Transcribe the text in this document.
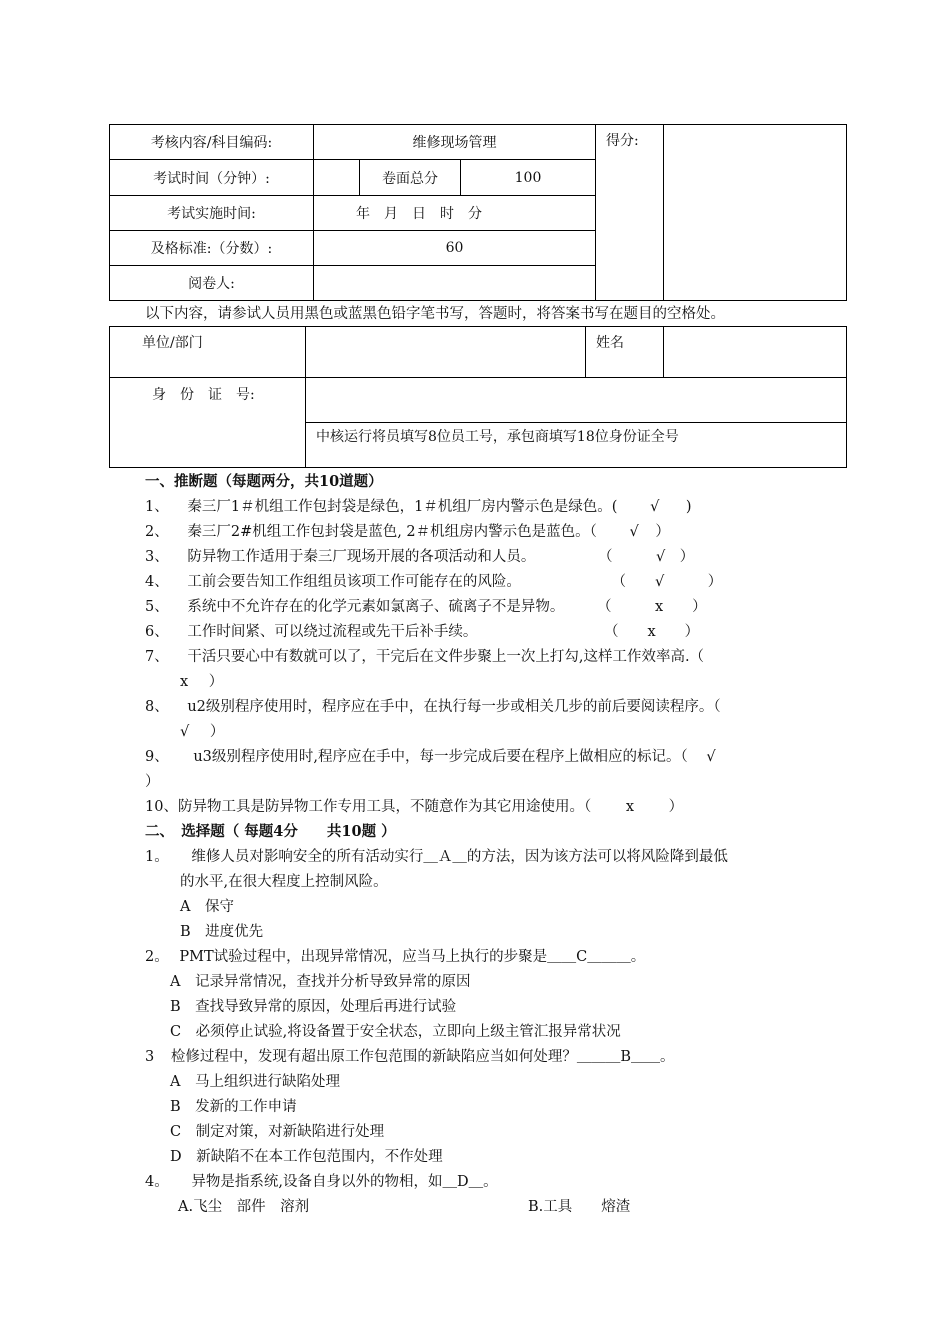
考核内容/科目编码:	维修现场管理			得分:	
考试时间（分钟）:		卷面总分	100		
考试实施时间:	年　月　日　时　分				
及格标准:（分数）:	60				
阅卷人:					
以下内容，请参试人员用黑色或蓝黑色铅字笔书写，答题时，将答案书写在题目的空格处。
单位/部门		姓名	
身　份　证　号:			
	中核运行将员填写8位员工号，承包商填写18位身份证全号		
一、推断题（每题两分，共10道题）
1、 秦三厂1＃机组工作包封袋是绿色，1＃机组厂房内警示色是绿色。( √ )
2、 秦三厂2#机组工作包封袋是蓝色, 2＃机组房内警示色是蓝色。（ √ ）
3、 防异物工作适用于秦三厂现场开展的各项活动和人员。	（　　　√　）
4、 工前会要告知工作组组员该项工作可能存在的风险。	（　　√　　　）
5、 系统中不允许存在的化学元素如氯离子、硫离子不是异物。 （　　　x　　）
6、 工作时间紧、可以绕过流程或先干后补手续。	（　　x　　）
7、 干活只要心中有数就可以了，干完后在文件步聚上一次上打勾,这样工作效率高.（
x ）
8、 u2级别程序使用时，程序应在手中，在执行每一步或相关几步的前后要阅读程序。（
√ ）
9、 u3级别程序使用时,程序应在手中，每一步完成后要在程序上做相应的标记。（ √
）
10、防异物工具是防异物工作专用工具，不随意作为其它用途使用。（ x ）
二、　选择题（ 每题4分　　共10题 ）
1。 维修人员对影响安全的所有活动实行＿Ａ＿的方法，因为该方法可以将风险降到最低
的水平,在很大程度上控制风险。
A　保守
B　进度优先
2。 PMT试验过程中，出现异常情况，应当马上执行的步聚是＿＿C＿＿＿。
A　记录异常情况，查找并分析导致异常的原因
B　查找导致异常的原因，处理后再进行试验
C　必须停止试验,将设备置于安全状态，立即向上级主管汇报异常状况
3 检修过程中，发现有超出原工作包范围的新缺陷应当如何处理？＿＿＿B＿＿。
A　马上组织进行缺陷处理
B　发新的工作申请
C　制定对策，对新缺陷进行处理
D　新缺陷不在本工作包范围内，不作处理
4。 异物是指系统,设备自身以外的物相，如＿D＿。
A.飞尘　部件　溶剂	B.工具　　熔渣
